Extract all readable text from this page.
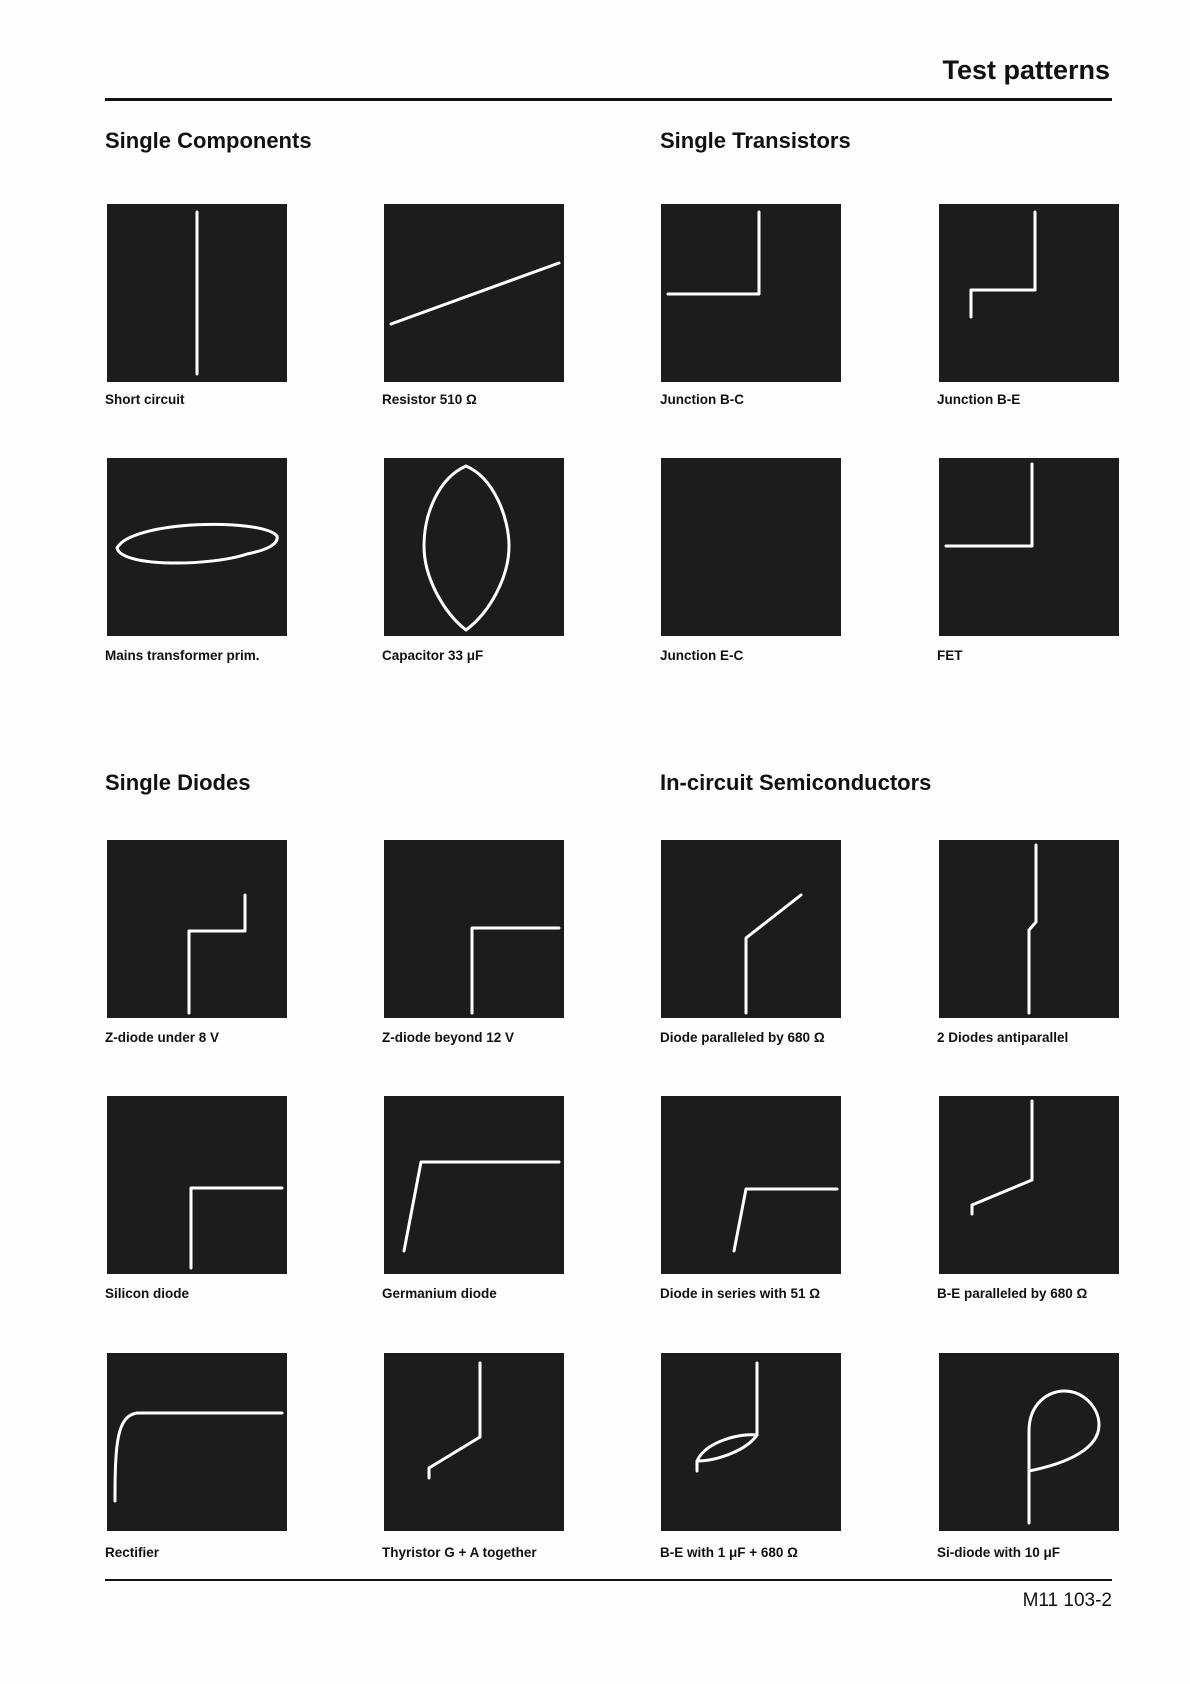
Test patterns
Single Components	Single Transistors
Single Diodes	In-circuit Semiconductors
Short circuit	Resistor 510 Ω	Junction B-C	Junction B-E
Mains transformer prim.	Capacitor 33 μF	Junction E-C	FET
Z-diode under 8 V	Z-diode beyond 12 V	Diode paralleled by 680 Ω	2 Diodes antiparallel
Silicon diode	Germanium diode	Diode in series with 51 Ω	B-E paralleled by 680 Ω
Rectifier	Thyristor G + A together	B-E with 1 μF + 680 Ω	Si-diode with 10 μF
M11 103-2
